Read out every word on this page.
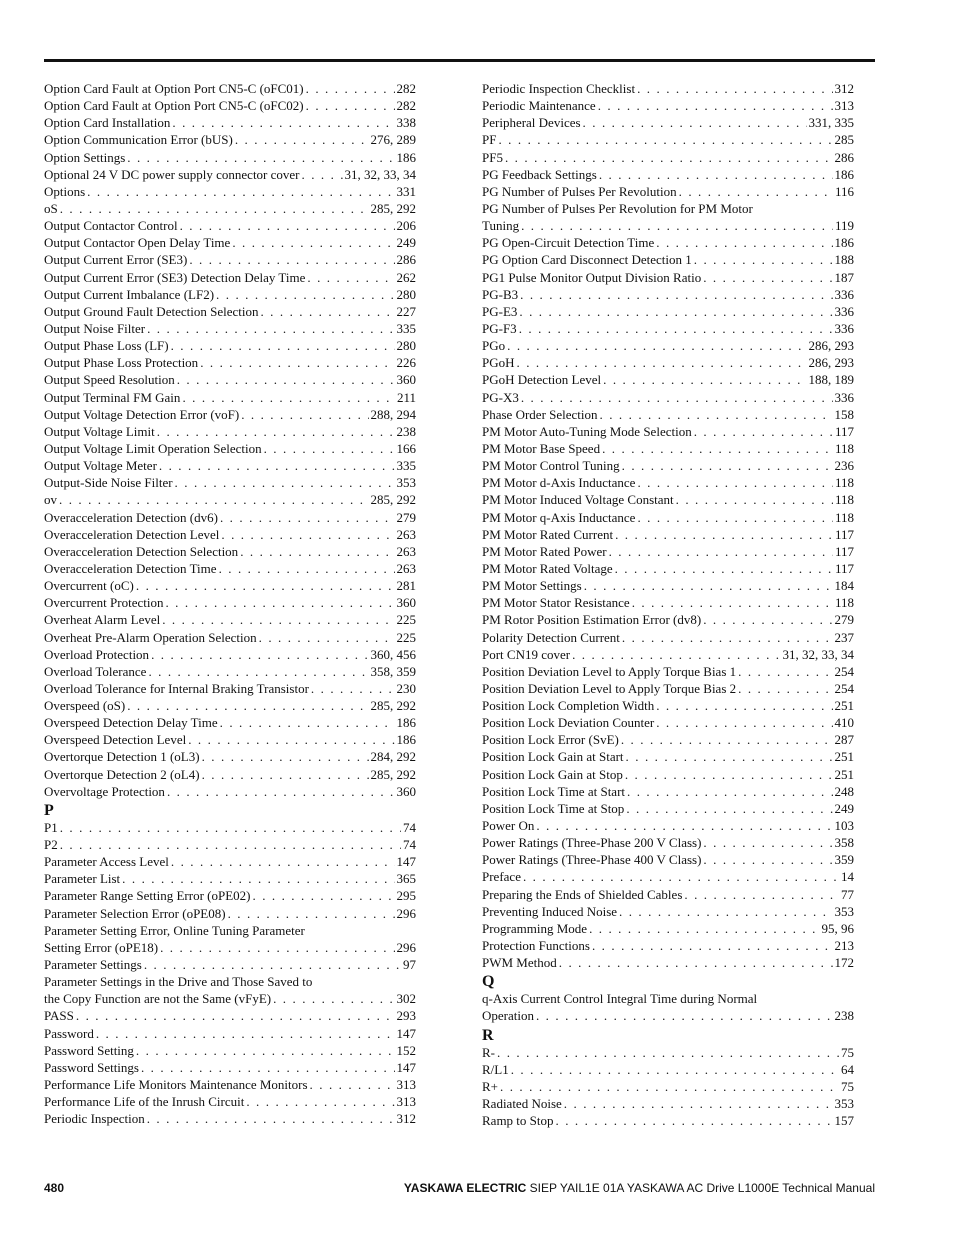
Option Card Fault at Option Port CN5-C (oFC01) . . .	282
Option Card Fault at Option Port CN5-C (oFC02) . . .	282
Option Card Installation . . .	338
Option Communication Error (bUS) . . .	276, 289
Option Settings . . .	186
Optional 24 V DC power supply connector cover . . .	31, 32, 33, 34
Options . . .	331
oS . . .	285, 292
Output Contactor Control . . .	206
Output Contactor Open Delay Time . . .	249
Output Current Error (SE3) . . .	286
Output Current Error (SE3) Detection Delay Time . . .	262
Output Current Imbalance (LF2) . . .	280
Output Ground Fault Detection Selection . . .	227
Output Noise Filter . . .	335
Output Phase Loss (LF) . . .	280
Output Phase Loss Protection . . .	226
Output Speed Resolution . . .	360
Output Terminal FM Gain . . .	211
Output Voltage Detection Error (voF) . . .	288, 294
Output Voltage Limit . . .	238
Output Voltage Limit Operation Selection . . .	166
Output Voltage Meter . . .	335
Output-Side Noise Filter . . .	353
ov . . .	285, 292
Overacceleration Detection (dv6) . . .	279
Overacceleration Detection Level . . .	263
Overacceleration Detection Selection . . .	263
Overacceleration Detection Time . . .	263
Overcurrent (oC) . . .	281
Overcurrent Protection . . .	360
Overheat Alarm Level . . .	225
Overheat Pre-Alarm Operation Selection . . .	225
Overload Protection . . .	360, 456
Overload Tolerance . . .	358, 359
Overload Tolerance for Internal Braking Transistor . . .	230
Overspeed (oS) . . .	285, 292
Overspeed Detection Delay Time . . .	186
Overspeed Detection Level . . .	186
Overtorque Detection 1 (oL3) . . .	284, 292
Overtorque Detection 2 (oL4) . . .	285, 292
Overvoltage Protection . . .	360
P
P1 . . .	74
P2 . . .	74
Parameter Access Level . . .	147
Parameter List . . .	365
Parameter Range Setting Error (oPE02) . . .	295
Parameter Selection Error (oPE08) . . .	296
Parameter Setting Error, Online Tuning Parameter
Setting Error (oPE18) . . .	296
Parameter Settings . . .	97
Parameter Settings in the Drive and Those Saved to
the Copy Function are not the Same (vFyE) . . .	302
PASS . . .	293
Password . . .	147
Password Setting . . .	152
Password Settings . . .	147
Performance Life Monitors Maintenance Monitors . . .	313
Performance Life of the Inrush Circuit . . .	313
Periodic Inspection . . .	312
Periodic Inspection Checklist . . .	312
Periodic Maintenance . . .	313
Peripheral Devices . . .	331, 335
PF . . .	285
PF5 . . .	286
PG Feedback Settings . . .	186
PG Number of Pulses Per Revolution . . .	116
PG Number of Pulses Per Revolution for PM Motor
Tuning . . .	119
PG Open-Circuit Detection Time . . .	186
PG Option Card Disconnect Detection 1 . . .	188
PG1 Pulse Monitor Output Division Ratio . . .	187
PG-B3 . . .	336
PG-E3 . . .	336
PG-F3 . . .	336
PGo . . .	286, 293
PGoH . . .	286, 293
PGoH Detection Level . . .	188, 189
PG-X3 . . .	336
Phase Order Selection . . .	158
PM Motor Auto-Tuning Mode Selection . . .	117
PM Motor Base Speed . . .	118
PM Motor Control Tuning . . .	236
PM Motor d-Axis Inductance . . .	118
PM Motor Induced Voltage Constant . . .	118
PM Motor q-Axis Inductance . . .	118
PM Motor Rated Current . . .	117
PM Motor Rated Power . . .	117
PM Motor Rated Voltage . . .	117
PM Motor Settings . . .	184
PM Motor Stator Resistance . . .	118
PM Rotor Position Estimation Error (dv8) . . .	279
Polarity Detection Current . . .	237
Port CN19 cover . . .	31, 32, 33, 34
Position Deviation Level to Apply Torque Bias 1 . . .	254
Position Deviation Level to Apply Torque Bias 2 . . .	254
Position Lock Completion Width . . .	251
Position Lock Deviation Counter . . .	410
Position Lock Error (SvE) . . .	287
Position Lock Gain at Start . . .	251
Position Lock Gain at Stop . . .	251
Position Lock Time at Start . . .	248
Position Lock Time at Stop . . .	249
Power On . . .	103
Power Ratings (Three-Phase 200 V Class) . . .	358
Power Ratings (Three-Phase 400 V Class) . . .	359
Preface . . .	14
Preparing the Ends of Shielded Cables . . .	77
Preventing Induced Noise . . .	353
Programming Mode . . .	95, 96
Protection Functions . . .	213
PWM Method . . .	172
Q
q-Axis Current Control Integral Time during Normal
Operation . . .	238
R
R- . . .	75
R/L1 . . .	64
R+ . . .	75
Radiated Noise . . .	353
Ramp to Stop . . .	157
480	YASKAWA ELECTRIC SIEP YAIL1E 01A YASKAWA AC Drive L1000E Technical Manual
